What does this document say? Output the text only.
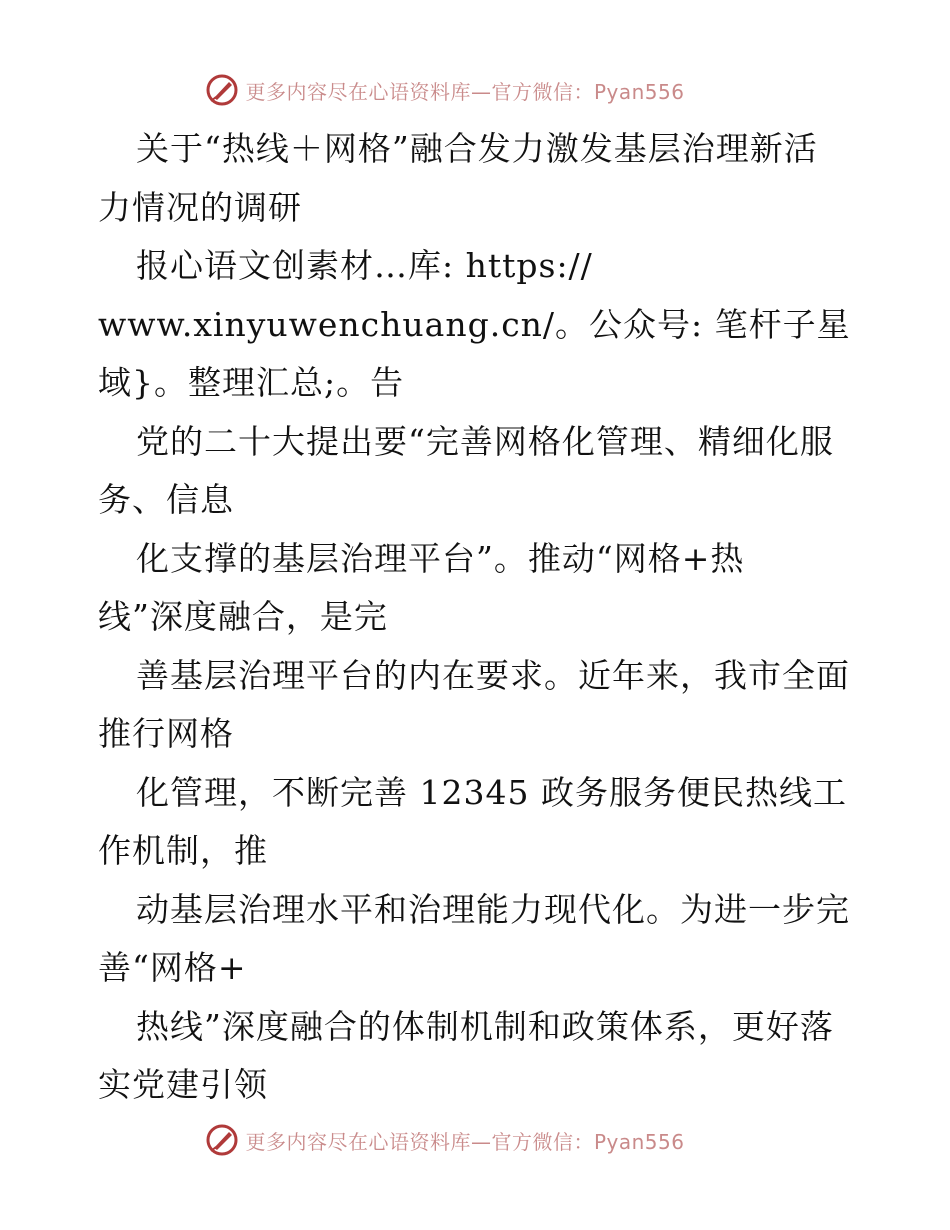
更多内容尽在心语资料库—官方微信：Pyan556
关于“热线＋网格”融合发力激发基层治理新活
力情况的调研
报心语文创素材…库: https://
www.xinyuwenchuang.cn/。公众号: 笔杆子星
域}。整理汇总;。告
党的二十大提出要“完善网格化管理、精细化服
务、信息
化支撑的基层治理平台”。推动“网格+热
线”深度融合，是完
善基层治理平台的内在要求。近年来，我市全面
推行网格
化管理，不断完善 12345 政务服务便民热线工
作机制，推
动基层治理水平和治理能力现代化。为进一步完
善“网格+
热线”深度融合的体制机制和政策体系，更好落
实党建引领
更多内容尽在心语资料库—官方微信：Pyan556
